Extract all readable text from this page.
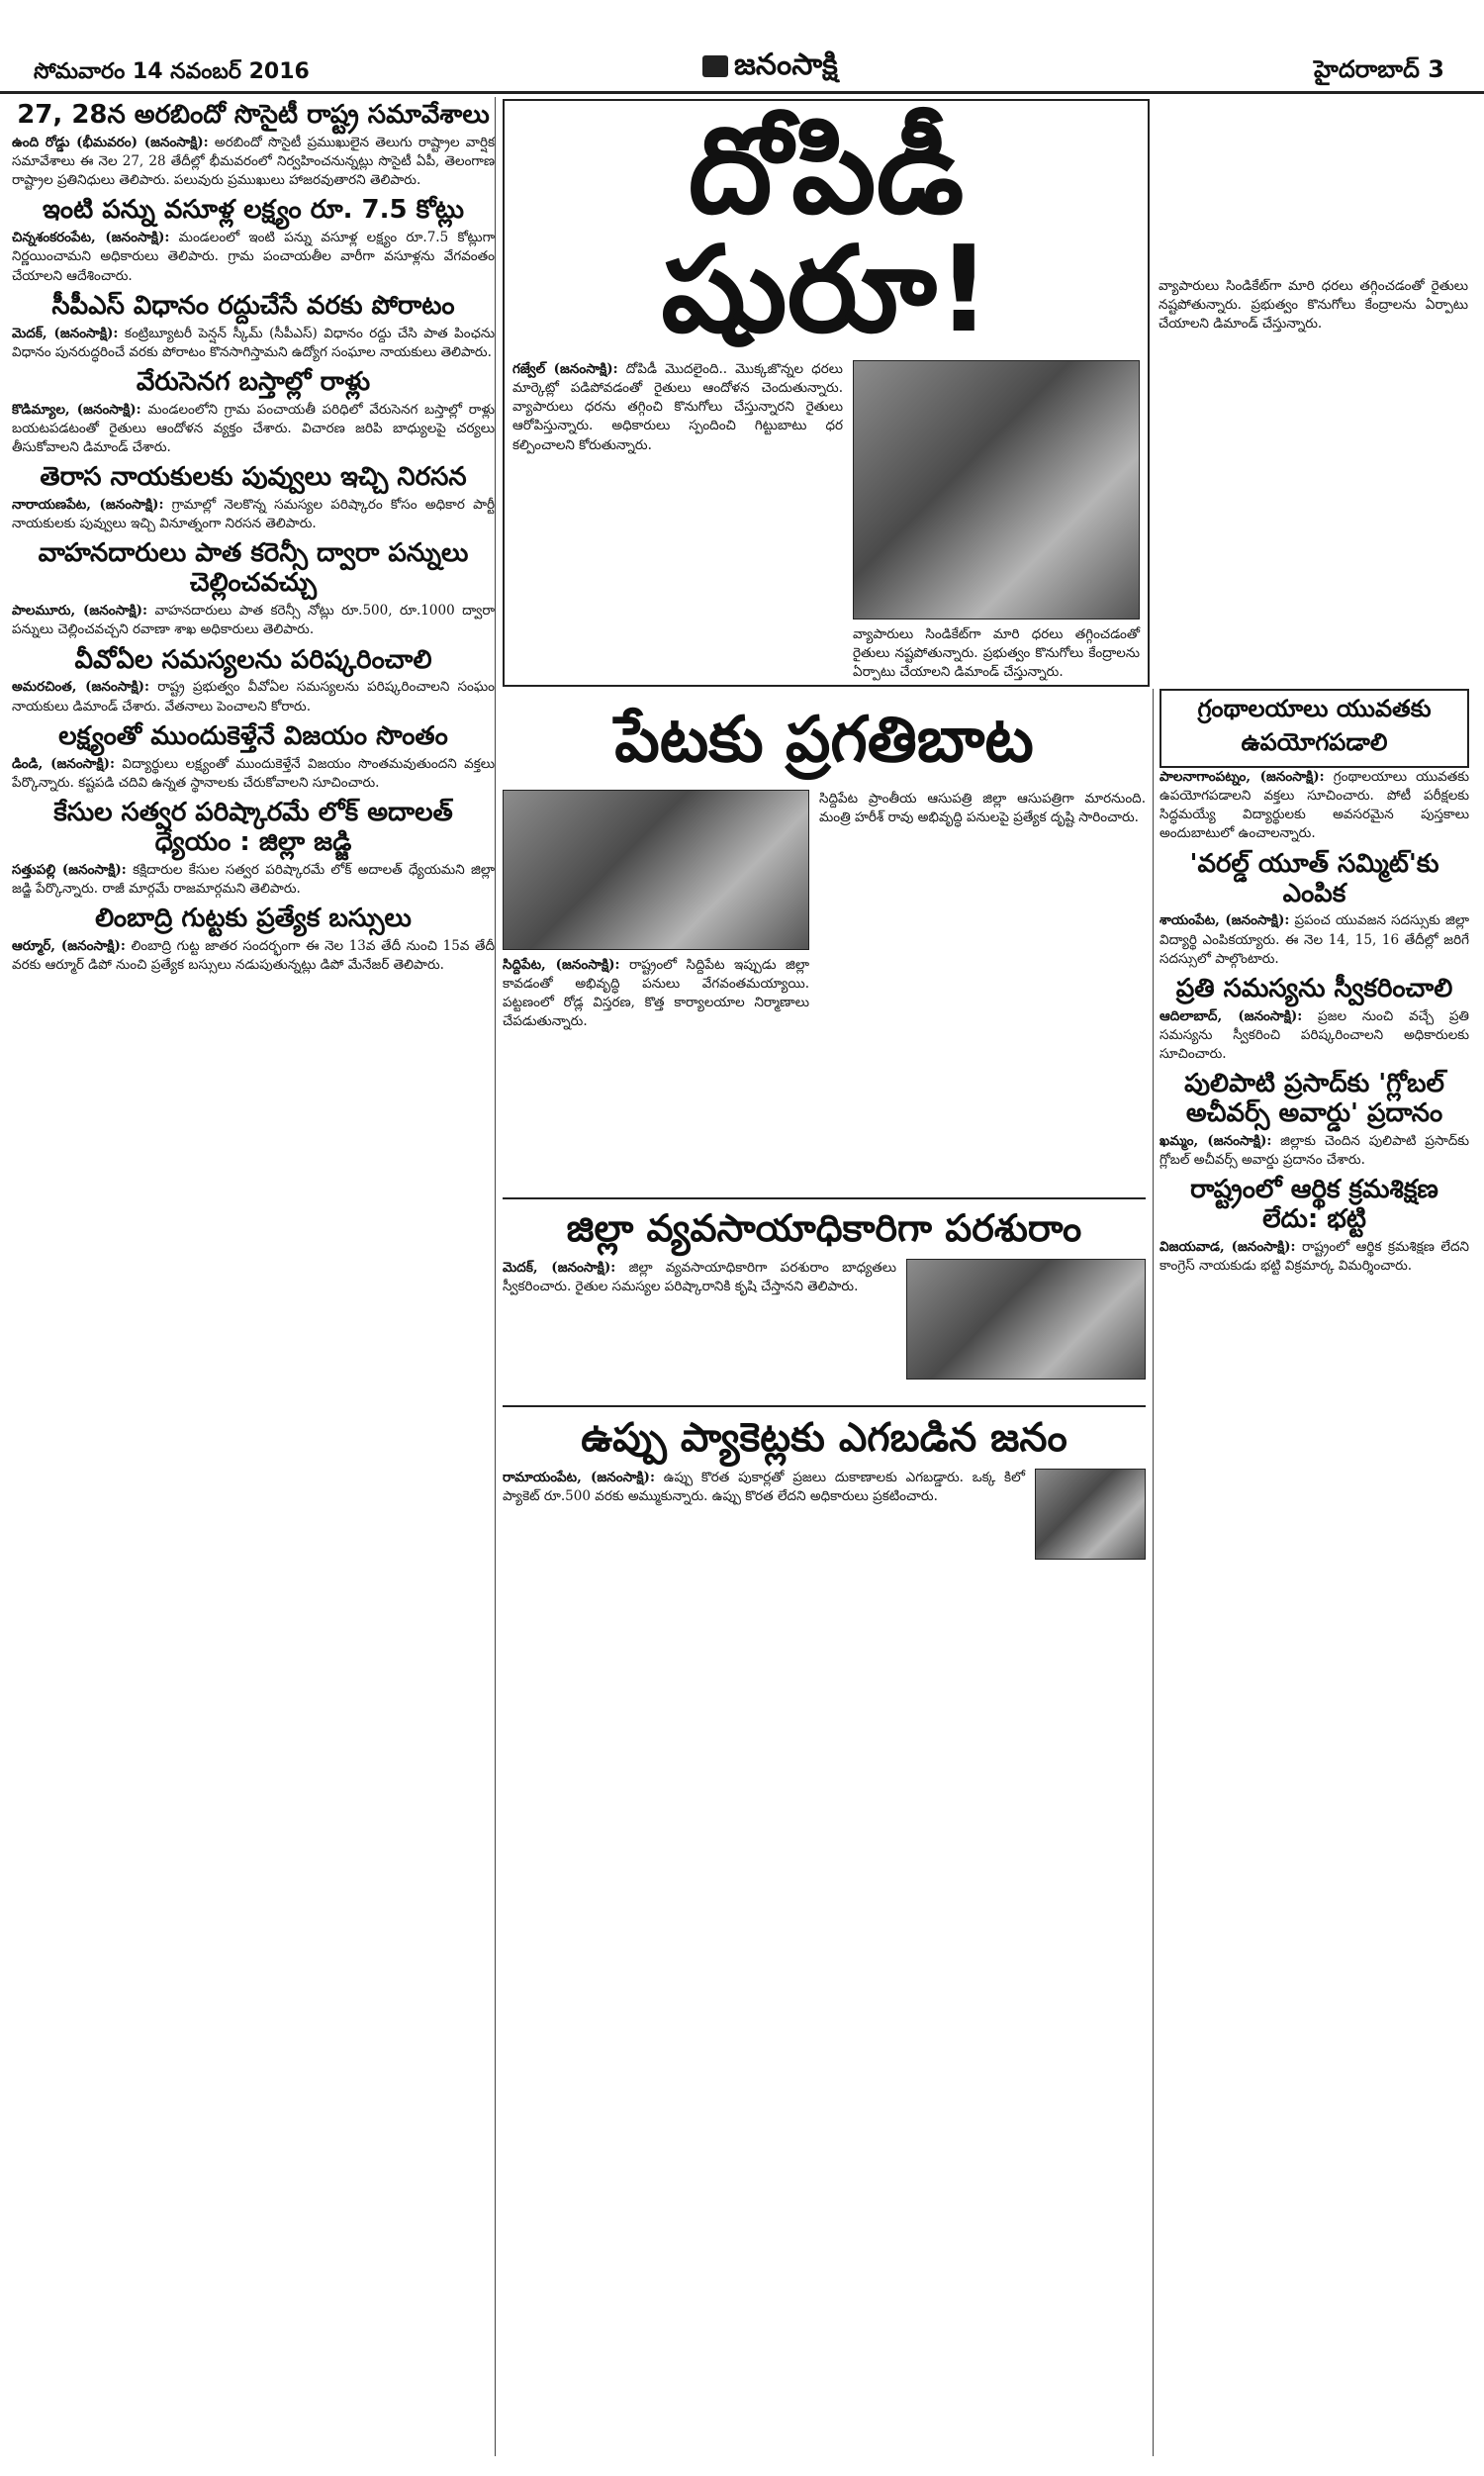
సోమవారం 14 నవంబర్ 2016	జనంసాక్షి	హైదరాబాద్ 3
27, 28న అరబిందో సొసైటీ రాష్ట్ర సమావేశాలు

ఉంది రోడ్డు (భీమవరం) (జనంసాక్షి): అరబిందో సొసైటీ ప్రముఖులైన తెలుగు రాష్ట్రాల వార్షిక సమావేశాలు ఈ నెల 27, 28 తేదీల్లో భీమవరంలో నిర్వహించనున్నట్లు సొసైటీ ఏపీ, తెలంగాణ రాష్ట్రాల ప్రతినిధులు తెలిపారు. పలువురు ప్రముఖులు హాజరవుతారని తెలిపారు.

ఇంటి పన్ను వసూళ్ల లక్ష్యం రూ. 7.5 కోట్లు

చిన్నశంకరంపేట, (జనంసాక్షి): మండలంలో ఇంటి పన్ను వసూళ్ల లక్ష్యం రూ.7.5 కోట్లుగా నిర్ణయించామని అధికారులు తెలిపారు. గ్రామ పంచాయతీల వారీగా వసూళ్లను వేగవంతం చేయాలని ఆదేశించారు.

సీపీఎస్ విధానం రద్దుచేసే వరకు పోరాటం

మెదక్, (జనంసాక్షి): కంట్రిబ్యూటరీ పెన్షన్ స్కీమ్ (సీపీఎస్) విధానం రద్దు చేసి పాత పింఛను విధానం పునరుద్ధరించే వరకు పోరాటం కొనసాగిస్తామని ఉద్యోగ సంఘాల నాయకులు తెలిపారు.

వేరుసెనగ బస్తాల్లో రాళ్లు

కొడిమ్యాల, (జనంసాక్షి): మండలంలోని గ్రామ పంచాయతీ పరిధిలో వేరుసెనగ బస్తాల్లో రాళ్లు బయటపడటంతో రైతులు ఆందోళన వ్యక్తం చేశారు. విచారణ జరిపి బాధ్యులపై చర్యలు తీసుకోవాలని డిమాండ్ చేశారు.

తెరాస నాయకులకు పువ్వులు ఇచ్చి నిరసన

నారాయణపేట, (జనంసాక్షి): గ్రామాల్లో నెలకొన్న సమస్యల పరిష్కారం కోసం అధికార పార్టీ నాయకులకు పువ్వులు ఇచ్చి వినూత్నంగా నిరసన తెలిపారు.

వాహనదారులు పాత కరెన్సీ ద్వారా పన్నులు చెల్లించవచ్చు

పాలమూరు, (జనంసాక్షి): వాహనదారులు పాత కరెన్సీ నోట్లు రూ.500, రూ.1000 ద్వారా పన్నులు చెల్లించవచ్చని రవాణా శాఖ అధికారులు తెలిపారు.

వీవోఏల సమస్యలను పరిష్కరించాలి

అమరచింత, (జనంసాక్షి): రాష్ట్ర ప్రభుత్వం వీవోఏల సమస్యలను పరిష్కరించాలని సంఘం నాయకులు డిమాండ్ చేశారు. వేతనాలు పెంచాలని కోరారు.

లక్ష్యంతో ముందుకెళ్తేనే విజయం సొంతం

డిండి, (జనంసాక్షి): విద్యార్థులు లక్ష్యంతో ముందుకెళ్తేనే విజయం సొంతమవుతుందని వక్తలు పేర్కొన్నారు. కష్టపడి చదివి ఉన్నత స్థానాలకు చేరుకోవాలని సూచించారు.

కేసుల సత్వర పరిష్కారమే లోక్ అదాలత్ ధ్యేయం : జిల్లా జడ్జి

సత్తుపల్లి (జనంసాక్షి): కక్షిదారుల కేసుల సత్వర పరిష్కారమే లోక్ అదాలత్ ధ్యేయమని జిల్లా జడ్జి పేర్కొన్నారు. రాజీ మార్గమే రాజమార్గమని తెలిపారు.

లింబాద్రి గుట్టకు ప్రత్యేక బస్సులు

ఆర్మూర్, (జనంసాక్షి): లింబాద్రి గుట్ట జాతర సందర్భంగా ఈ నెల 13వ తేదీ నుంచి 15వ తేదీ వరకు ఆర్మూర్ డిపో నుంచి ప్రత్యేక బస్సులు నడుపుతున్నట్లు డిపో మేనేజర్ తెలిపారు.

దోపిడీ షురూ!

గజ్వేల్ (జనంసాక్షి): దోపిడీ మొదలైంది.. మొక్కజొన్నల ధరలు మార్కెట్లో పడిపోవడంతో రైతులు ఆందోళన చెందుతున్నారు. వ్యాపారులు ధరను తగ్గించి కొనుగోలు చేస్తున్నారని రైతులు ఆరోపిస్తున్నారు. అధికారులు స్పందించి గిట్టుబాటు ధర కల్పించాలని కోరుతున్నారు.

వ్యాపారులు సిండికేట్‌గా మారి ధరలు తగ్గించడంతో రైతులు నష్టపోతున్నారు. ప్రభుత్వం కొనుగోలు కేంద్రాలను ఏర్పాటు చేయాలని డిమాండ్ చేస్తున్నారు.

పేటకు ప్రగతిబాట

సిద్దిపేట, (జనంసాక్షి): రాష్ట్రంలో సిద్దిపేట ఇప్పుడు జిల్లా కావడంతో అభివృద్ధి పనులు వేగవంతమయ్యాయి. పట్టణంలో రోడ్ల విస్తరణ, కొత్త కార్యాలయాల నిర్మాణాలు చేపడుతున్నారు.

సిద్దిపేట ప్రాంతీయ ఆసుపత్రి జిల్లా ఆసుపత్రిగా మారనుంది. మంత్రి హరీశ్ రావు అభివృద్ధి పనులపై ప్రత్యేక దృష్టి సారించారు.

జిల్లా వ్యవసాయాధికారిగా పరశురాం

మెదక్, (జనంసాక్షి): జిల్లా వ్యవసాయాధికారిగా పరశురాం బాధ్యతలు స్వీకరించారు. రైతుల సమస్యల పరిష్కారానికి కృషి చేస్తానని తెలిపారు.

ఉప్పు ప్యాకెట్లకు ఎగబడిన జనం

రామాయంపేట, (జనంసాక్షి): ఉప్పు కొరత పుకార్లతో ప్రజలు దుకాణాలకు ఎగబడ్డారు. ఒక్క కిలో ప్యాకెట్ రూ.500 వరకు అమ్ముకున్నారు. ఉప్పు కొరత లేదని అధికారులు ప్రకటించారు.

గ్రంథాలయాలు యువతకు ఉపయోగపడాలి

పాలనాగాంపట్నం, (జనంసాక్షి): గ్రంథాలయాలు యువతకు ఉపయోగపడాలని వక్తలు సూచించారు. పోటీ పరీక్షలకు సిద్ధమయ్యే విద్యార్థులకు అవసరమైన పుస్తకాలు అందుబాటులో ఉంచాలన్నారు.

'వరల్డ్ యూత్ సమ్మిట్'కు ఎంపిక

శాయంపేట, (జనంసాక్షి): ప్రపంచ యువజన సదస్సుకు జిల్లా విద్యార్థి ఎంపికయ్యారు. ఈ నెల 14, 15, 16 తేదీల్లో జరిగే సదస్సులో పాల్గొంటారు.

ప్రతి సమస్యను స్వీకరించాలి

ఆదిలాబాద్, (జనంసాక్షి): ప్రజల నుంచి వచ్చే ప్రతి సమస్యను స్వీకరించి పరిష్కరించాలని అధికారులకు సూచించారు.

పులిపాటి ప్రసాద్‌కు 'గ్లోబల్ అచీవర్స్ అవార్డు' ప్రదానం

ఖమ్మం, (జనంసాక్షి): జిల్లాకు చెందిన పులిపాటి ప్రసాద్‌కు గ్లోబల్ అచీవర్స్ అవార్డు ప్రదానం చేశారు.

రాష్ట్రంలో ఆర్థిక క్రమశిక్షణ లేదు: భట్టి

విజయవాడ, (జనంసాక్షి): రాష్ట్రంలో ఆర్థిక క్రమశిక్షణ లేదని కాంగ్రెస్ నాయకుడు భట్టి విక్రమార్క విమర్శించారు.

వ్యాపారులు సిండికేట్‌గా మారి ధరలు తగ్గించడంతో రైతులు నష్టపోతున్నారు. ప్రభుత్వం కొనుగోలు కేంద్రాలను ఏర్పాటు చేయాలని డిమాండ్ చేస్తున్నారు.
